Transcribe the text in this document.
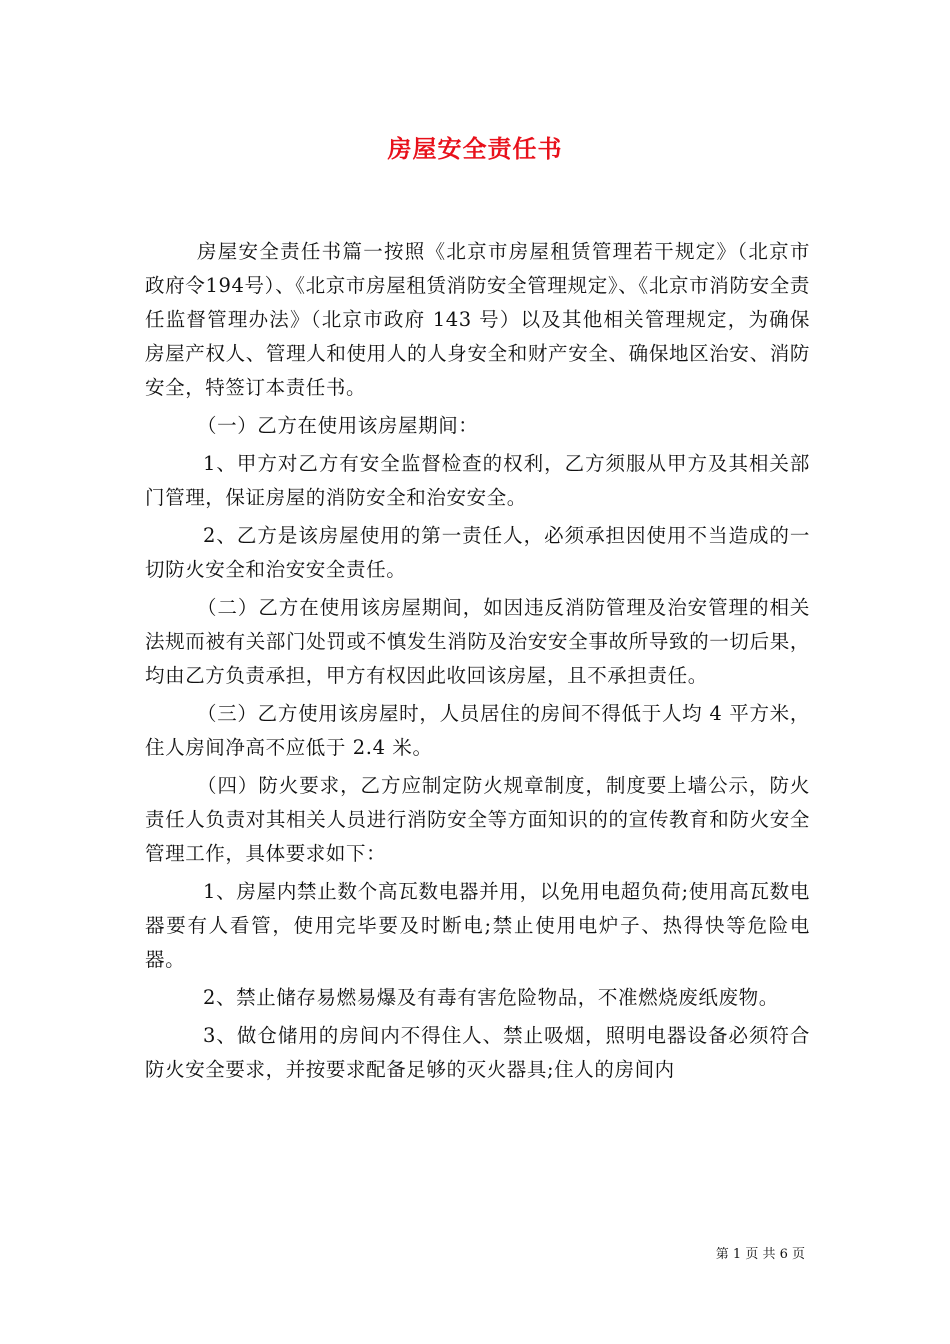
房屋安全责任书

房屋安全责任书篇一按照《北京市房屋租赁管理若干规定》（北京市政府令194号）、《北京市房屋租赁消防安全管理规定》、《北京市消防安全责任监督管理办法》（北京市政府 143 号）以及其他相关管理规定，为确保房屋产权人、管理人和使用人的人身安全和财产安全、确保地区治安、消防安全，特签订本责任书。

（一）乙方在使用该房屋期间：

1、甲方对乙方有安全监督检查的权利，乙方须服从甲方及其相关部门管理，保证房屋的消防安全和治安安全。

2、乙方是该房屋使用的第一责任人，必须承担因使用不当造成的一切防火安全和治安安全责任。

（二）乙方在使用该房屋期间，如因违反消防管理及治安管理的相关法规而被有关部门处罚或不慎发生消防及治安安全事故所导致的一切后果，均由乙方负责承担，甲方有权因此收回该房屋，且不承担责任。

（三）乙方使用该房屋时，人员居住的房间不得低于人均 4 平方米，住人房间净高不应低于 2.4 米。

（四）防火要求，乙方应制定防火规章制度，制度要上墙公示，防火责任人负责对其相关人员进行消防安全等方面知识的的宣传教育和防火安全管理工作，具体要求如下：

1、房屋内禁止数个高瓦数电器并用，以免用电超负荷;使用高瓦数电器要有人看管，使用完毕要及时断电;禁止使用电炉子、热得快等危险电器。

2、禁止储存易燃易爆及有毒有害危险物品，不准燃烧废纸废物。

3、做仓储用的房间内不得住人、禁止吸烟，照明电器设备必须符合防火安全要求，并按要求配备足够的灭火器具;住人的房间内

第 1 页 共 6 页
